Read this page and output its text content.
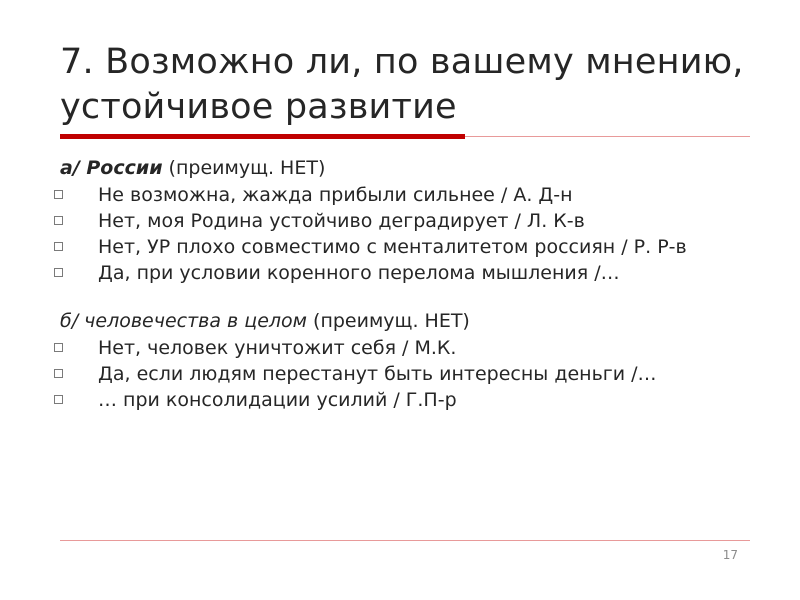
7. Возможно ли, по вашему мнению, устойчивое развитие
а/ России (преимущ. НЕТ)
Не возможна, жажда прибыли сильнее / А. Д-н
Нет, моя Родина устойчиво деградирует / Л. К-в
Нет, УР плохо совместимо с менталитетом россиян / Р. Р-в
Да, при условии коренного перелома мышления /…
б/ человечества в целом (преимущ. НЕТ)
Нет, человек уничтожит себя / М.К.
Да, если людям перестанут быть интересны деньги /…
… при консолидации усилий / Г.П-р
17
